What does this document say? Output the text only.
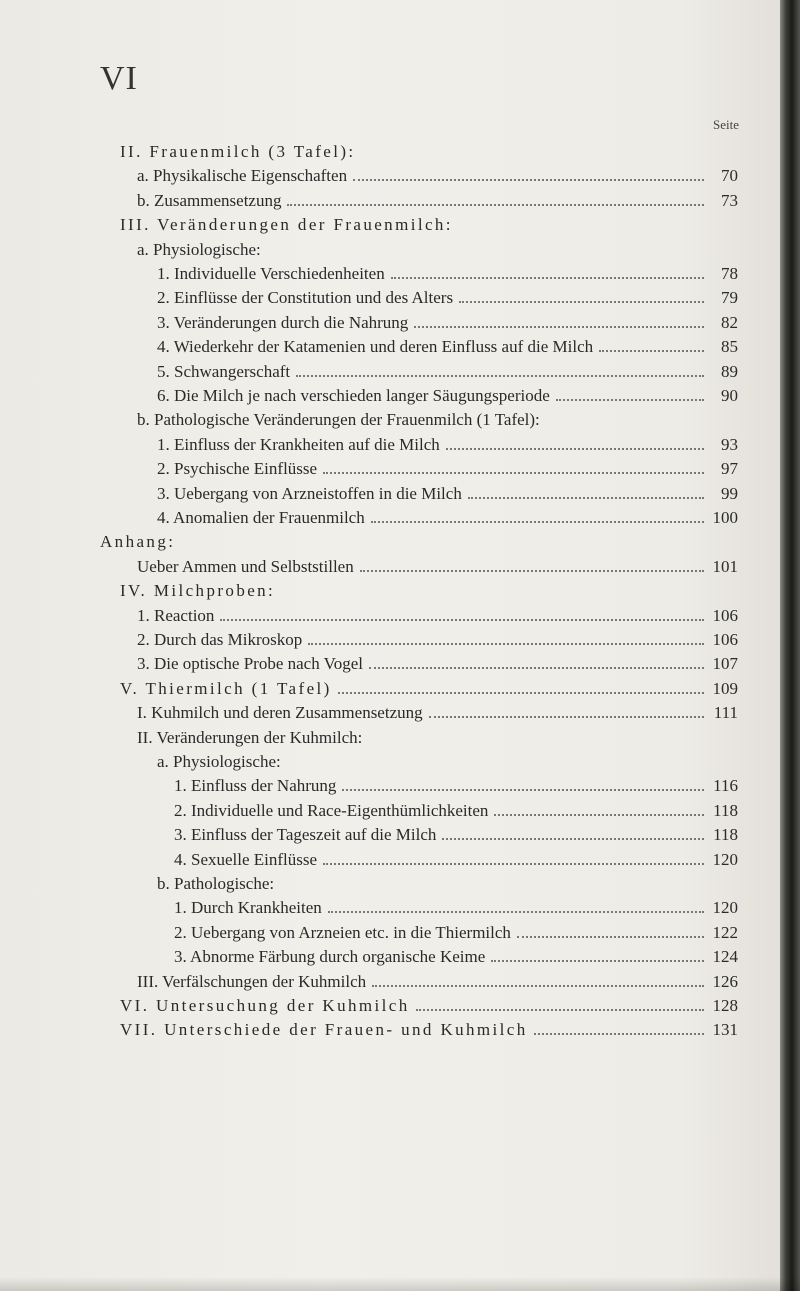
VI
Seite
II. Frauenmilch (3 Tafel):
a. Physikalische Eigenschaften	70
b. Zusammensetzung	73
III. Veränderungen der Frauenmilch:
a. Physiologische:
1. Individuelle Verschiedenheiten	78
2. Einflüsse der Constitution und des Alters	79
3. Veränderungen durch die Nahrung	82
4. Wiederkehr der Katamenien und deren Einfluss auf die Milch	85
5. Schwangerschaft	89
6. Die Milch je nach verschieden langer Säugungsperiode	90
b. Pathologische Veränderungen der Frauenmilch (1 Tafel):
1. Einfluss der Krankheiten auf die Milch	93
2. Psychische Einflüsse	97
3. Uebergang von Arzneistoffen in die Milch	99
4. Anomalien der Frauenmilch	100
Anhang:
Ueber Ammen und Selbststillen	101
IV. Milchproben:
1. Reaction	106
2. Durch das Mikroskop	106
3. Die optische Probe nach Vogel	107
V. Thiermilch (1 Tafel)	109
I. Kuhmilch und deren Zusammensetzung	111
II. Veränderungen der Kuhmilch:
a. Physiologische:
1. Einfluss der Nahrung	116
2. Individuelle und Race-Eigenthümlichkeiten	118
3. Einfluss der Tageszeit auf die Milch	118
4. Sexuelle Einflüsse	120
b. Pathologische:
1. Durch Krankheiten	120
2. Uebergang von Arzneien etc. in die Thiermilch	122
3. Abnorme Färbung durch organische Keime	124
III. Verfälschungen der Kuhmilch	126
VI. Untersuchung der Kuhmilch	128
VII. Unterschiede der Frauen- und Kuhmilch	131
